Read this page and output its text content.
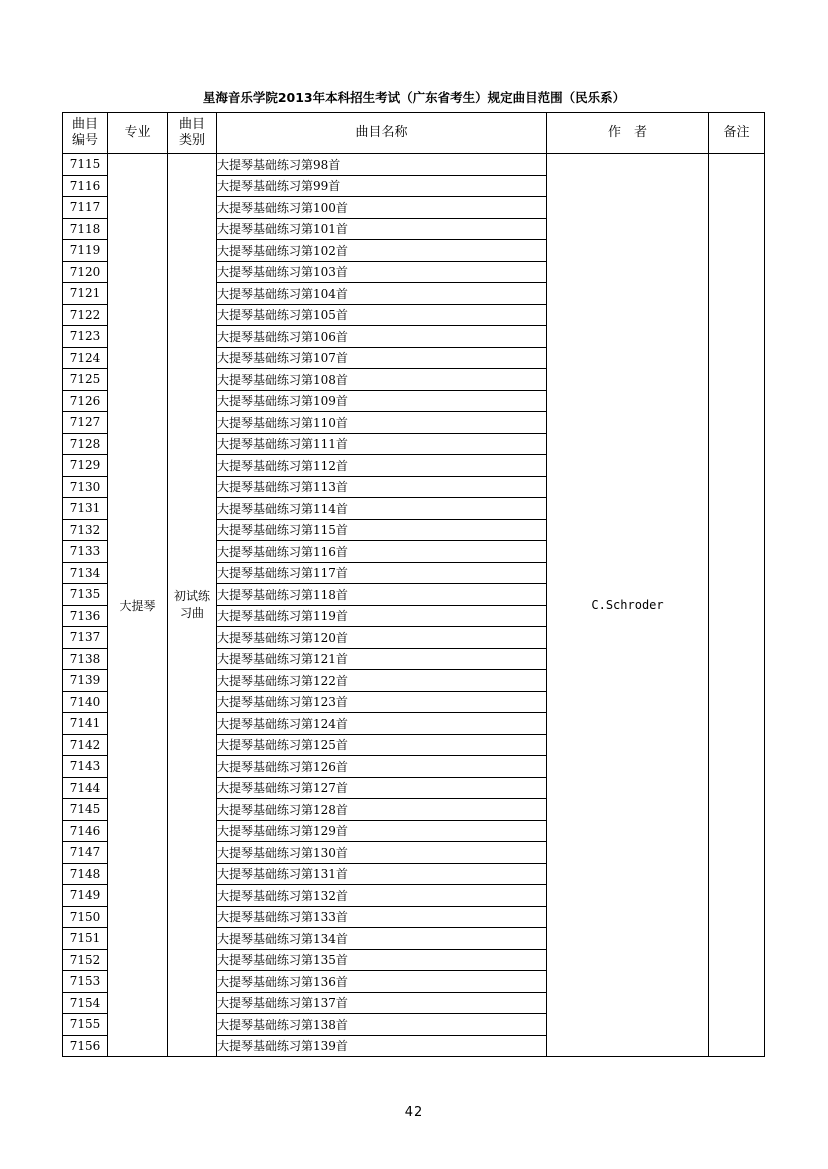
星海音乐学院2013年本科招生考试（广东省考生）规定曲目范围（民乐系）
曲目编号	专业	曲目类别	曲目名称	作　者	备注
7115	大提琴	初试练习曲	大提琴基础练习第98首	C.Schroder	
7116			大提琴基础练习第99首		
7117			大提琴基础练习第100首		
7118			大提琴基础练习第101首		
7119			大提琴基础练习第102首		
7120			大提琴基础练习第103首		
7121			大提琴基础练习第104首		
7122			大提琴基础练习第105首		
7123			大提琴基础练习第106首		
7124			大提琴基础练习第107首		
7125			大提琴基础练习第108首		
7126			大提琴基础练习第109首		
7127			大提琴基础练习第110首		
7128			大提琴基础练习第111首		
7129			大提琴基础练习第112首		
7130			大提琴基础练习第113首		
7131			大提琴基础练习第114首		
7132			大提琴基础练习第115首		
7133			大提琴基础练习第116首		
7134			大提琴基础练习第117首		
7135			大提琴基础练习第118首		
7136			大提琴基础练习第119首		
7137			大提琴基础练习第120首		
7138			大提琴基础练习第121首		
7139			大提琴基础练习第122首		
7140			大提琴基础练习第123首		
7141			大提琴基础练习第124首		
7142			大提琴基础练习第125首		
7143			大提琴基础练习第126首		
7144			大提琴基础练习第127首		
7145			大提琴基础练习第128首		
7146			大提琴基础练习第129首		
7147			大提琴基础练习第130首		
7148			大提琴基础练习第131首		
7149			大提琴基础练习第132首		
7150			大提琴基础练习第133首		
7151			大提琴基础练习第134首		
7152			大提琴基础练习第135首		
7153			大提琴基础练习第136首		
7154			大提琴基础练习第137首		
7155			大提琴基础练习第138首		
7156			大提琴基础练习第139首		
42
